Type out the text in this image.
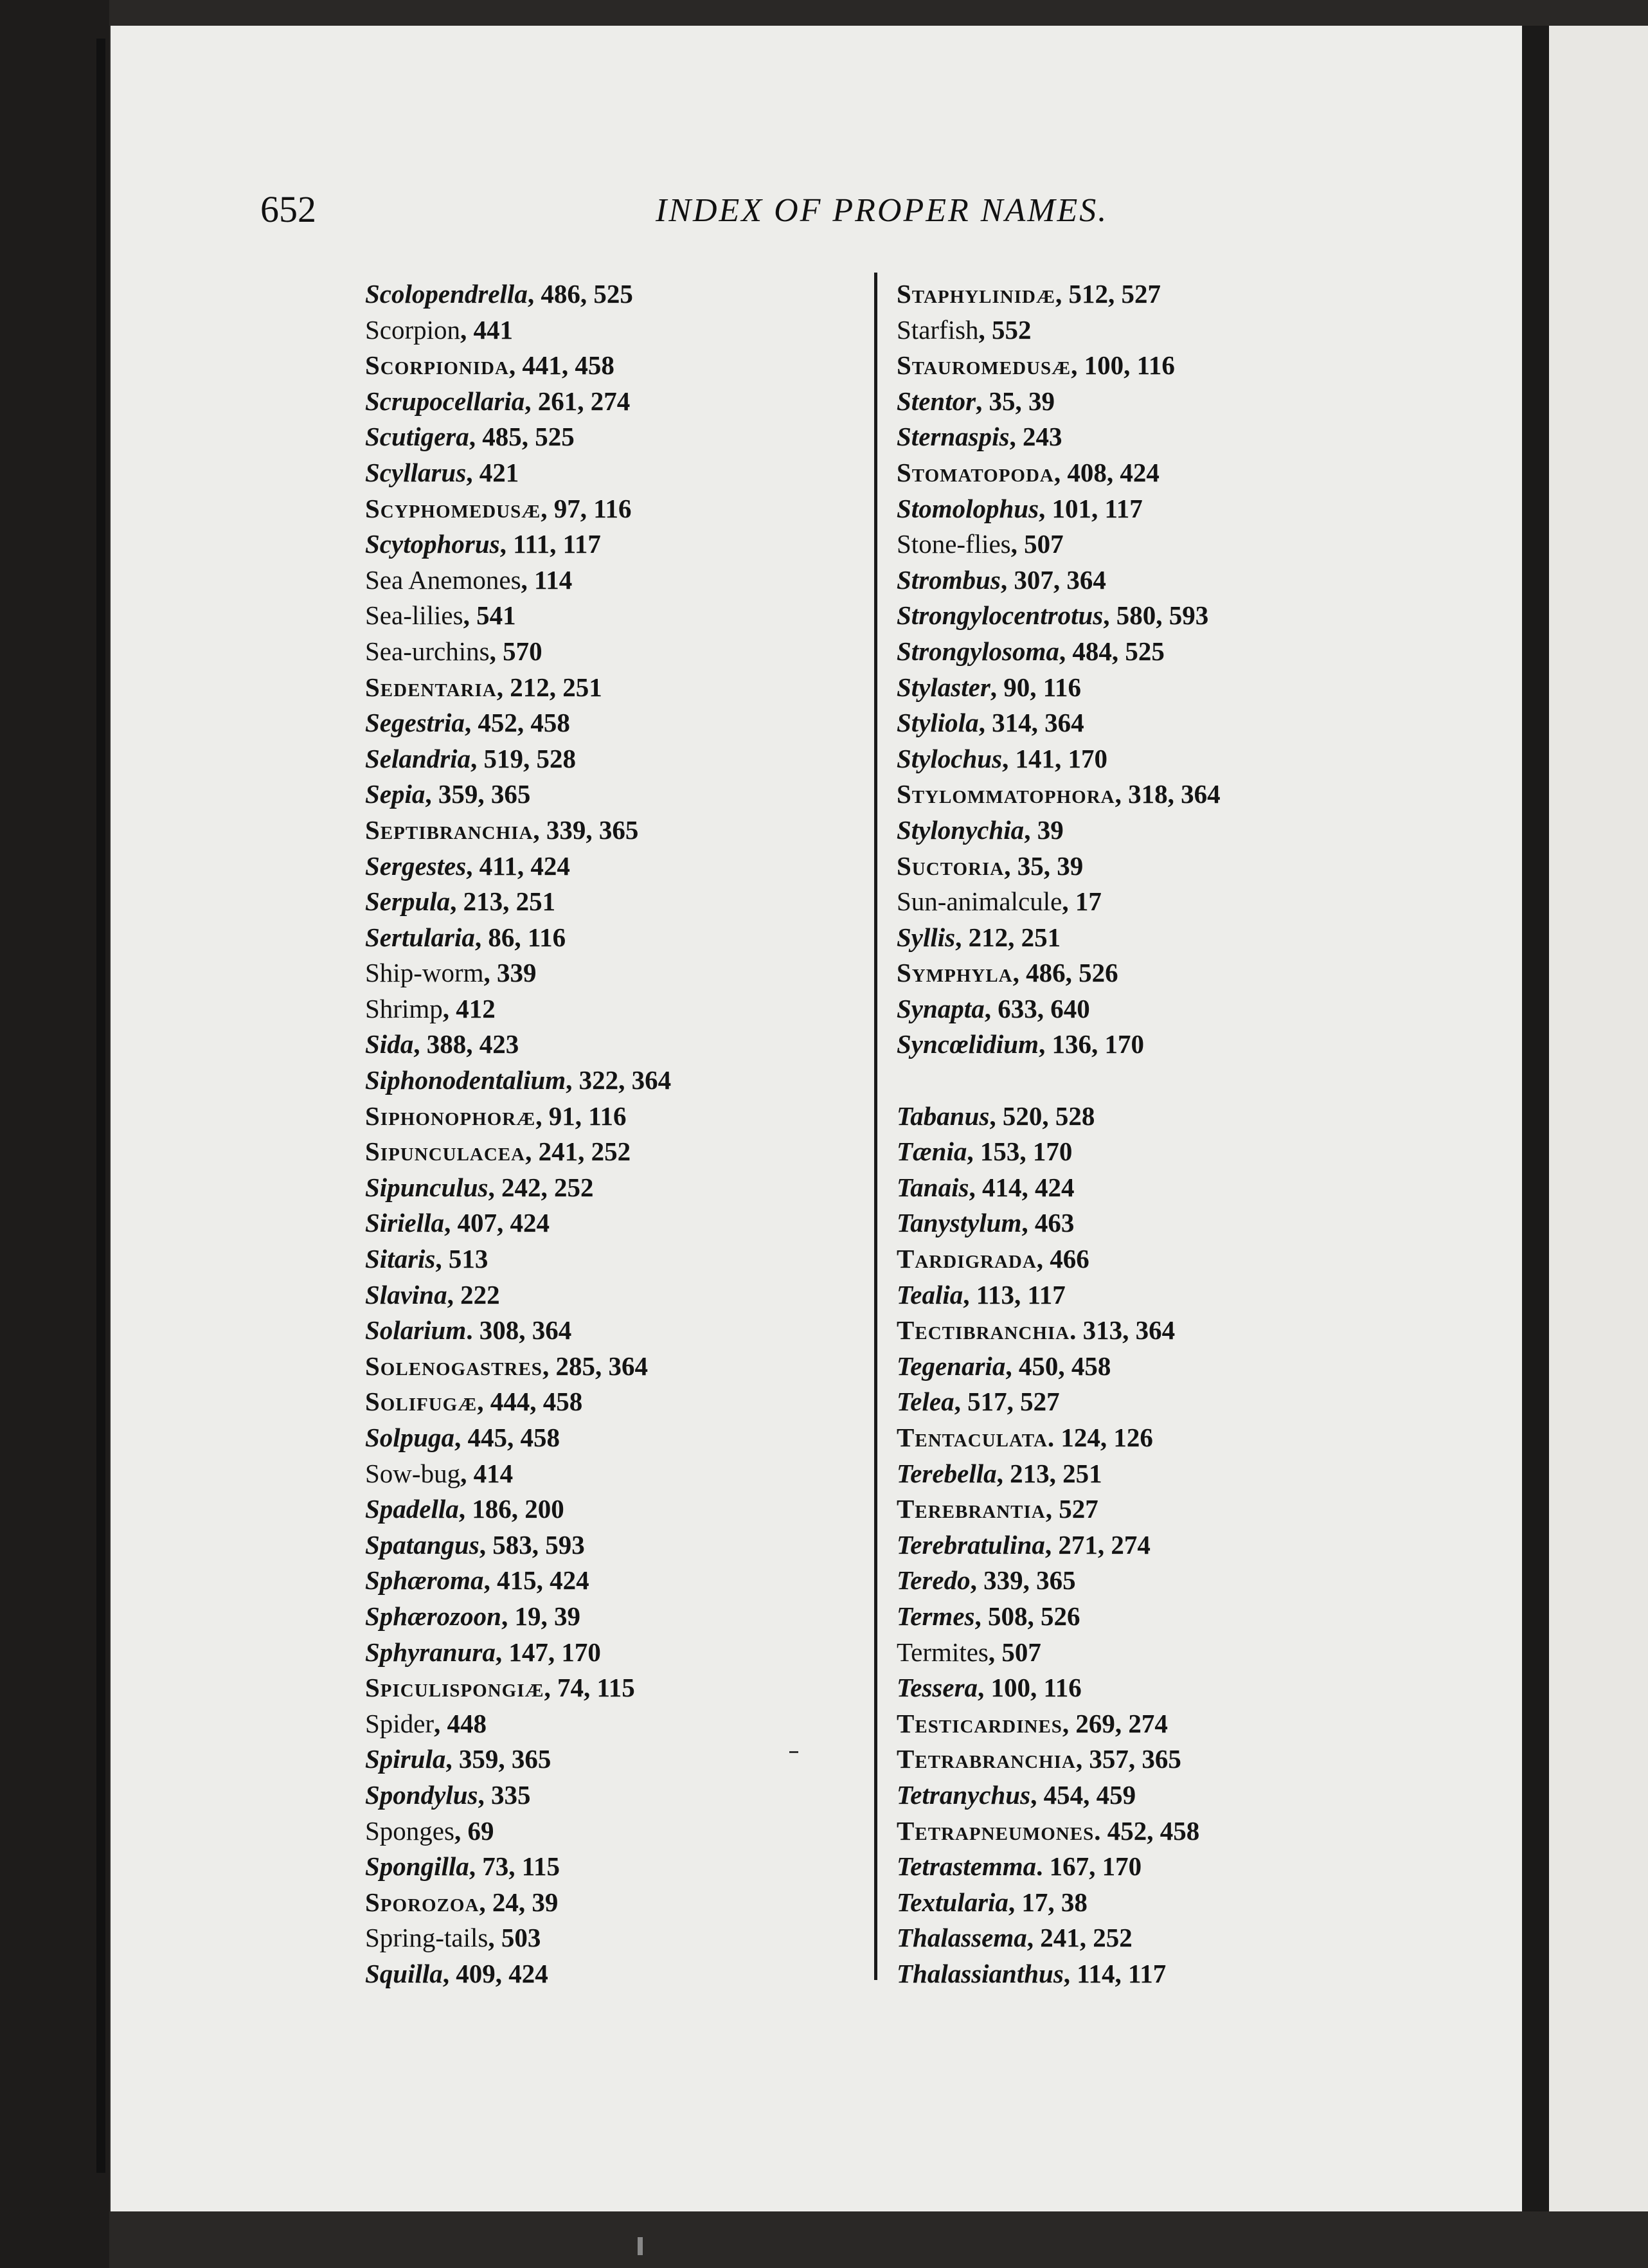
652	INDEX OF PROPER NAMES.
Scolopendrella, 486, 525
Scorpion, 441
Scorpionida, 441, 458
Scrupocellaria, 261, 274
Scutigera, 485, 525
Scyllarus, 421
Scyphomedusæ, 97, 116
Scytophorus, 111, 117
Sea Anemones, 114
Sea-lilies, 541
Sea-urchins, 570
Sedentaria, 212, 251
Segestria, 452, 458
Selandria, 519, 528
Sepia, 359, 365
Septibranchia, 339, 365
Sergestes, 411, 424
Serpula, 213, 251
Sertularia, 86, 116
Ship-worm, 339
Shrimp, 412
Sida, 388, 423
Siphonodentalium, 322, 364
Siphonophoræ, 91, 116
Sipunculacea, 241, 252
Sipunculus, 242, 252
Siriella, 407, 424
Sitaris, 513
Slavina, 222
Solarium. 308, 364
Solenogastres, 285, 364
Solifugæ, 444, 458
Solpuga, 445, 458
Sow-bug, 414
Spadella, 186, 200
Spatangus, 583, 593
Sphæroma, 415, 424
Sphærozoon, 19, 39
Sphyranura, 147, 170
Spiculispongiæ, 74, 115
Spider, 448
Spirula, 359, 365
Spondylus, 335
Sponges, 69
Spongilla, 73, 115
Sporozoa, 24, 39
Spring-tails, 503
Squilla, 409, 424
Staphylinidæ, 512, 527
Starfish, 552
Stauromedusæ, 100, 116
Stentor, 35, 39
Sternaspis, 243
Stomatopoda, 408, 424
Stomolophus, 101, 117
Stone-flies, 507
Strombus, 307, 364
Strongylocentrotus, 580, 593
Strongylosoma, 484, 525
Stylaster, 90, 116
Styliola, 314, 364
Stylochus, 141, 170
Stylommatophora, 318, 364
Stylonychia, 39
Suctoria, 35, 39
Sun-animalcule, 17
Syllis, 212, 251
Symphyla, 486, 526
Synapta, 633, 640
Syncœlidium, 136, 170
Tabanus, 520, 528
Tænia, 153, 170
Tanais, 414, 424
Tanystylum, 463
Tardigrada, 466
Tealia, 113, 117
Tectibranchia. 313, 364
Tegenaria, 450, 458
Telea, 517, 527
Tentaculata. 124, 126
Terebella, 213, 251
Terebrantia, 527
Terebratulina, 271, 274
Teredo, 339, 365
Termes, 508, 526
Termites, 507
Tessera, 100, 116
Testicardines, 269, 274
Tetrabranchia, 357, 365
Tetranychus, 454, 459
Tetrapneumones. 452, 458
Tetrastemma. 167, 170
Textularia, 17, 38
Thalassema, 241, 252
Thalassianthus, 114, 117
